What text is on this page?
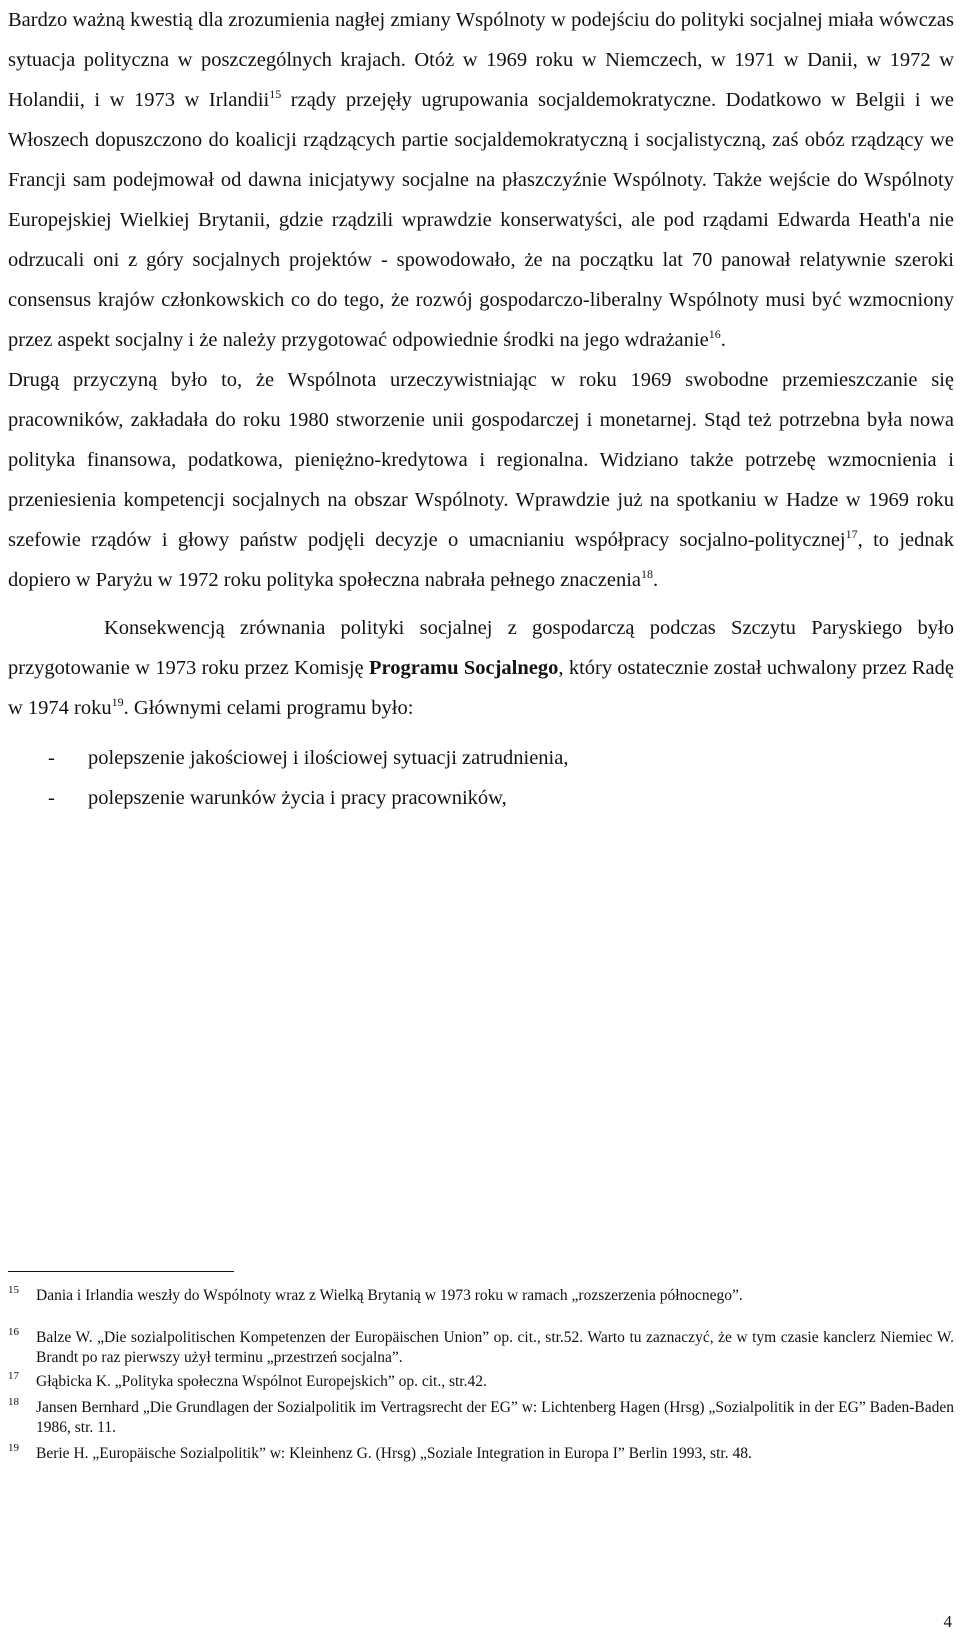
Bardzo ważną kwestią dla zrozumienia nagłej zmiany Wspólnoty w podejściu do polityki socjalnej miała wówczas sytuacja polityczna w poszczególnych krajach. Otóż w 1969 roku w Niemczech, w 1971 w Danii, w 1972 w Holandii, i w 1973 w Irlandii$^{15}$ rządy przejęły ugrupowania socjaldemokratyczne. Dodatkowo w Belgii i we Włoszech dopuszczono do koalicji rządzących partie socjaldemokratyczną i socjalistyczną, zaś obóz rządzący we Francji sam podejmował od dawna inicjatywy socjalne na płaszczyźnie Wspólnoty. Także wejście do Wspólnoty Europejskiej Wielkiej Brytanii, gdzie rządzili wprawdzie konserwatyści, ale pod rządami Edwarda Heath'a nie odrzucali oni z góry socjalnych projektów - spowodowało, że na początku lat 70 panował relatywnie szeroki consensus krajów członkowskich co do tego, że rozwój gospodarczo-liberalny Wspólnoty musi być wzmocniony przez aspekt socjalny i że należy przygotować odpowiednie środki na jego wdrażanie$^{16}$.

Drugą przyczyną było to, że Wspólnota urzeczywistniając w roku 1969 swobodne przemieszczanie się pracowników, zakładała do roku 1980 stworzenie unii gospodarczej i monetarnej. Stąd też potrzebna była nowa polityka finansowa, podatkowa, pieniężno-kredytowa i regionalna. Widziano także potrzebę wzmocnienia i przeniesienia kompetencji socjalnych na obszar Wspólnoty. Wprawdzie już na spotkaniu w Hadze w 1969 roku szefowie rządów i głowy państw podjęli decyzje o umacnianiu współpracy socjalno-politycznej$^{17}$, to jednak dopiero w Paryżu w 1972 roku polityka społeczna nabrała pełnego znaczenia$^{18}$.

Konsekwencją zrównania polityki socjalnej z gospodarczą podczas Szczytu Paryskiego było przygotowanie w 1973 roku przez Komisję Programu Socjalnego, który ostatecznie został uchwalony przez Radę w 1974 roku$^{19}$. Głównymi celami programu było:

- polepszenie jakościowej i ilościowej sytuacji zatrudnienia,
- polepszenie warunków życia i pracy pracowników,
15	Dania i Irlandia weszły do Wspólnoty wraz z Wielką Brytanią w 1973 roku w ramach „rozszerzenia północnego”.
16	Balze W. „Die sozialpolitischen Kompetenzen der Europäischen Union” op. cit., str.52. Warto tu zaznaczyć, że w tym czasie kanclerz Niemiec W. Brandt po raz pierwszy użył terminu „przestrzeń socjalna”.
17	Głąbicka K. „Polityka społeczna Wspólnot Europejskich” op. cit., str.42.
18	Jansen Bernhard „Die Grundlagen der Sozialpolitik im Vertragsrecht der EG” w: Lichtenberg Hagen (Hrsg) „Sozialpolitik in der EG” Baden-Baden 1986, str. 11.
19	Berie H. „Europäische Sozialpolitik” w: Kleinhenz G. (Hrsg) „Soziale Integration in Europa I” Berlin 1993, str. 48.
4
